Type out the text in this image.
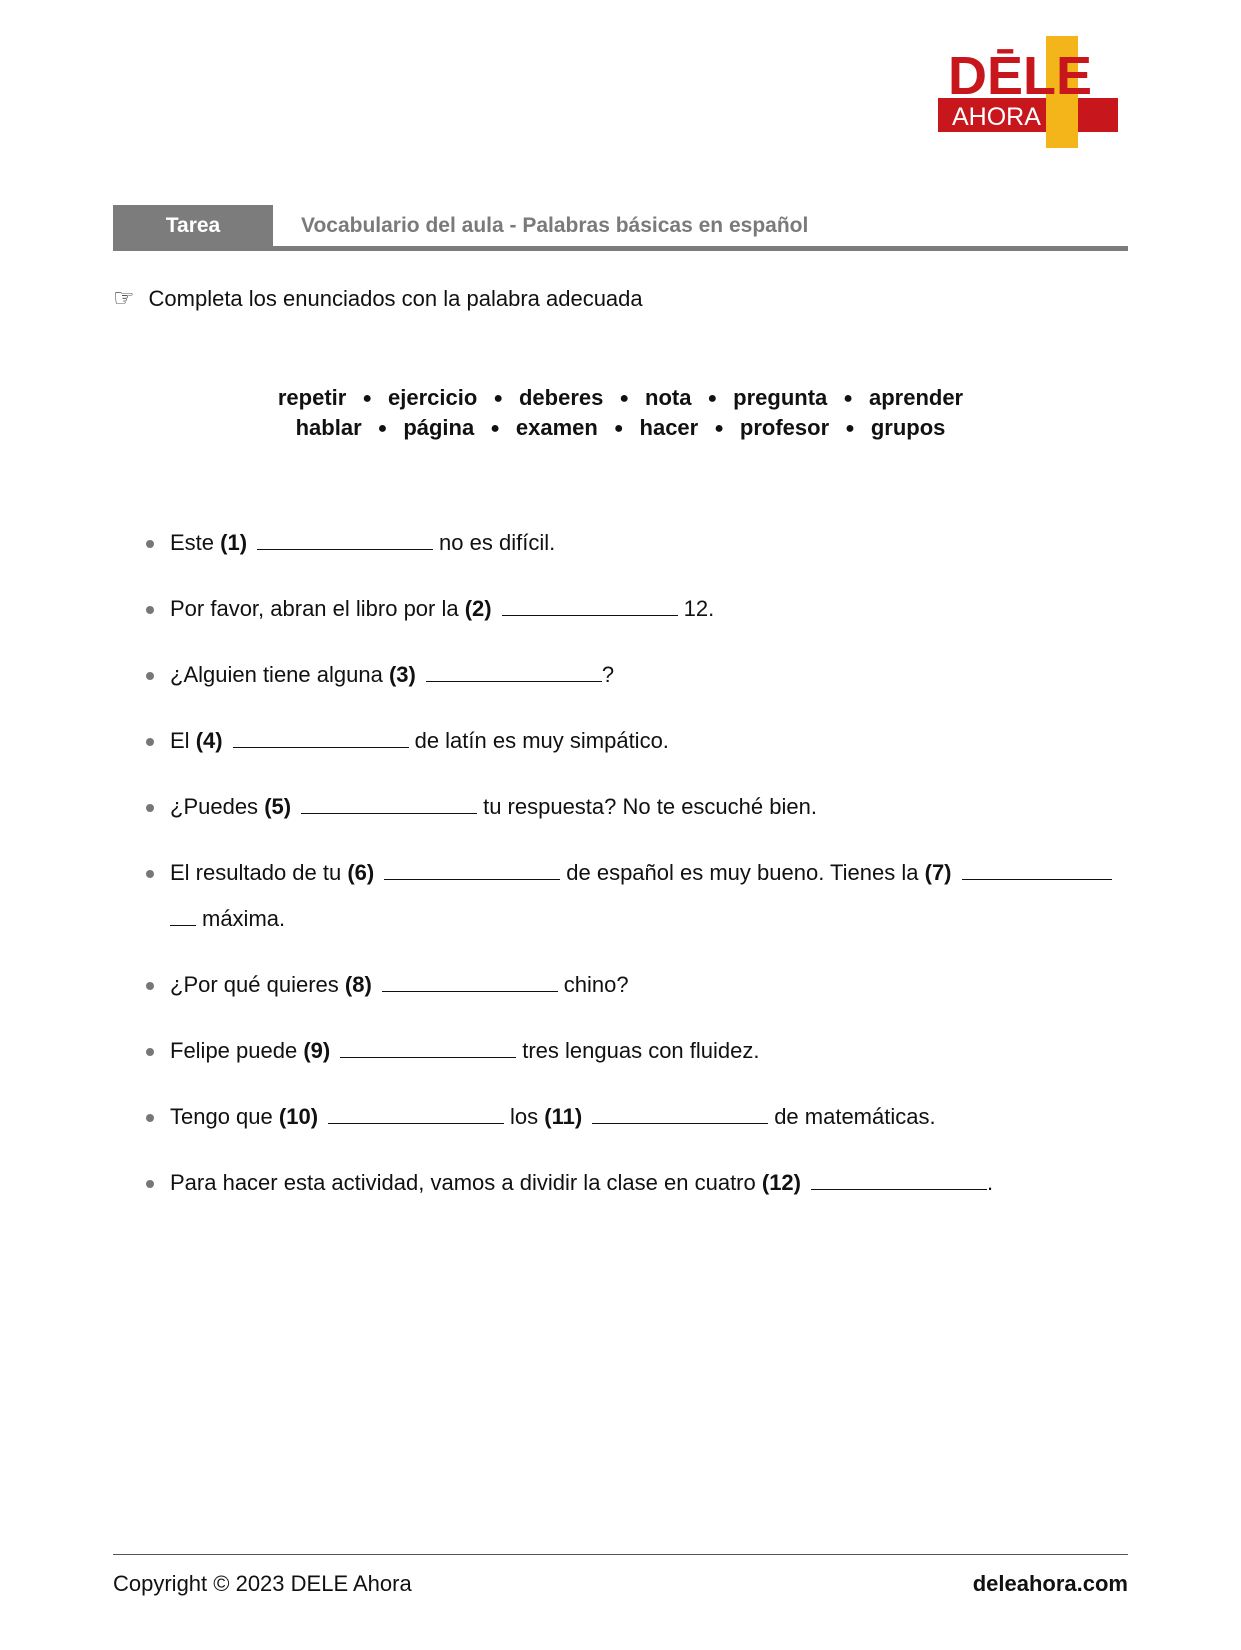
DĒLE
AHORA
Tarea	Vocabulario del aula - Palabras básicas en español
☞ Completa los enunciados con la palabra adecuada
repetir ● ejercicio ● deberes ● nota ● pregunta ● aprender
hablar ● página ● examen ● hacer ● profesor ● grupos
Este (1)	no es difícil.
Por favor, abran el libro por la (2)	12.
¿Alguien tiene alguna (3)	?
El (4)	de latín es muy simpático.
¿Puedes (5)	tu respuesta? No te escuché bien.
El resultado de tu (6)	de español es muy bueno. Tienes la (7)
máxima.
¿Por qué quieres (8)	chino?
Felipe puede (9)	tres lenguas con fluidez.
Tengo que (10)	los (11)	de matemáticas.
Para hacer esta actividad, vamos a dividir la clase en cuatro (12)	.
Copyright © 2023 DELE Ahora	deleahora.com
